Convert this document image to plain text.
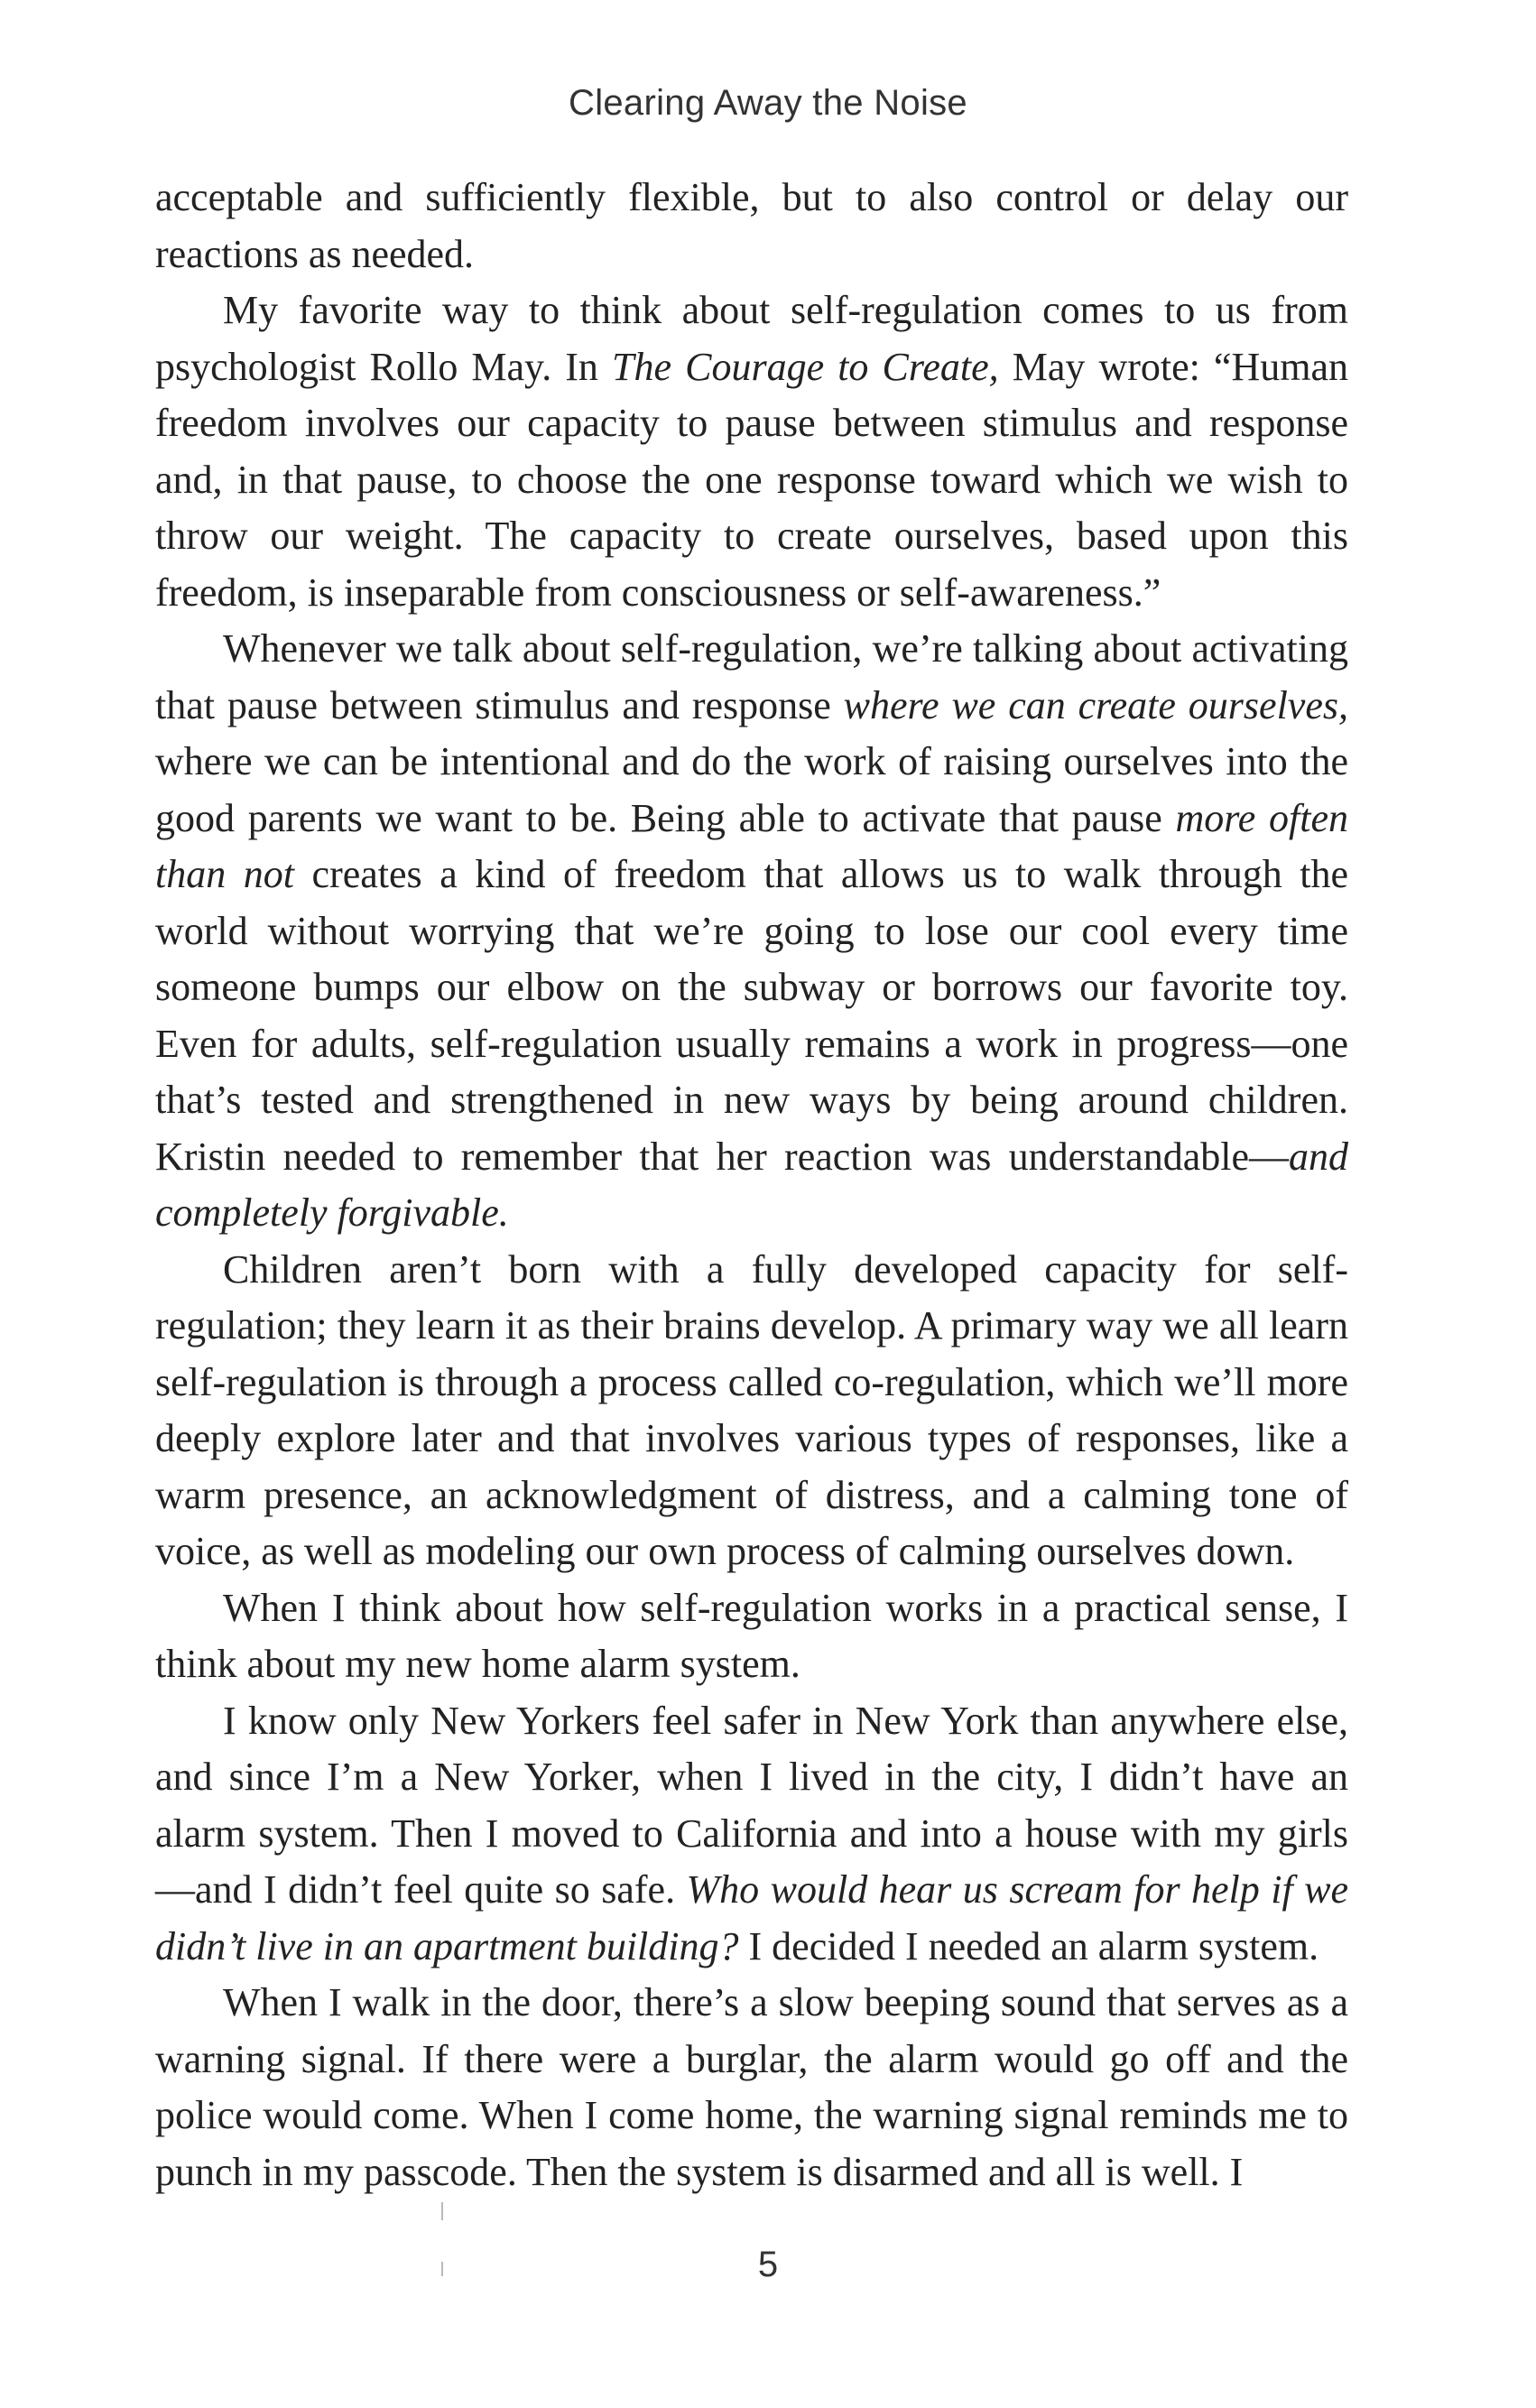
Clearing Away the Noise

acceptable and sufficiently flexible, but to also control or delay our reactions as needed.

My favorite way to think about self-regulation comes to us from psychologist Rollo May. In The Courage to Create, May wrote: “Human freedom involves our capacity to pause between stimulus and response and, in that pause, to choose the one response toward which we wish to throw our weight. The capacity to create ourselves, based upon this freedom, is inseparable from consciousness or self-awareness.”

Whenever we talk about self-regulation, we’re talking about activating that pause between stimulus and response where we can create ourselves, where we can be intentional and do the work of raising ourselves into the good parents we want to be. Being able to activate that pause more often than not creates a kind of freedom that allows us to walk through the world without worrying that we’re going to lose our cool every time someone bumps our elbow on the subway or borrows our favorite toy. Even for adults, self-regulation usually remains a work in progress—one that’s tested and strengthened in new ways by being around children. Kristin needed to remember that her reaction was understandable—and completely forgivable.

Children aren’t born with a fully developed capacity for self-regulation; they learn it as their brains develop. A primary way we all learn self-regulation is through a process called co-regulation, which we’ll more deeply explore later and that involves various types of responses, like a warm presence, an acknowledgment of distress, and a calming tone of voice, as well as modeling our own process of calming ourselves down.

When I think about how self-regulation works in a practical sense, I think about my new home alarm system.

I know only New Yorkers feel safer in New York than anywhere else, and since I’m a New Yorker, when I lived in the city, I didn’t have an alarm system. Then I moved to California and into a house with my girls—and I didn’t feel quite so safe. Who would hear us scream for help if we didn’t live in an apartment building? I decided I needed an alarm system.

When I walk in the door, there’s a slow beeping sound that serves as a warning signal. If there were a burglar, the alarm would go off and the police would come. When I come home, the warning signal reminds me to punch in my passcode. Then the system is disarmed and all is well. I

5
